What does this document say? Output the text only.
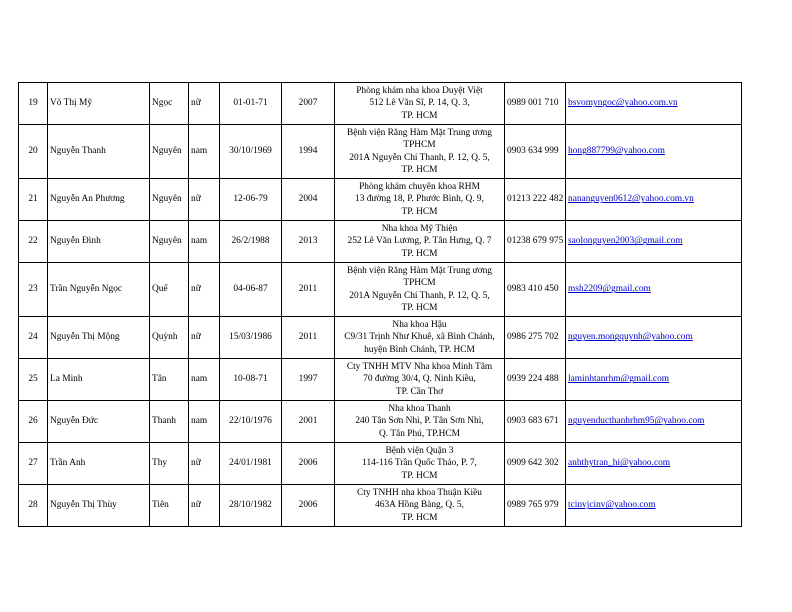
19	Võ Thị Mỹ	Ngọc	nữ	01-01-71	2007	Phòng khám nha khoa Duyệt Việt
512 Lê Văn Sĩ, P. 14, Q. 3,
TP. HCM	0989 001 710	bsvomyngoc@yahoo.com.vn
20	Nguyễn Thanh	Nguyên	nam	30/10/1969	1994	Bệnh viện Răng Hàm Mặt Trung ương
TPHCM
201A Nguyễn Chí Thanh, P. 12, Q. 5,
TP. HCM	0903 634 999	hong887799@yahoo.com
21	Nguyễn An Phương	Nguyên	nữ	12-06-79	2004	Phòng khám chuyên khoa RHM
13 đường 18, P. Phước Bình, Q. 9,
TP. HCM	01213 222 482	nananguyen0612@yahoo.com.vn
22	Nguyễn Đình	Nguyên	nam	26/2/1988	2013	Nha khoa Mỹ Thiện
252 Lê Văn Lương, P. Tân Hưng, Q. 7
TP. HCM	01238 679 975	saolonguyen2003@gmail.com
23	Trần Nguyễn Ngọc	Quế	nữ	04-06-87	2011	Bệnh viện Răng Hàm Mặt Trung ương
TPHCM
201A Nguyễn Chí Thanh, P. 12, Q. 5,
TP. HCM	0983 410 450	msh2209@gmail.com
24	Nguyễn Thị Mộng	Quỳnh	nữ	15/03/1986	2011	Nha khoa Hậu
C9/31 Trịnh Như Khuê, xã Bình Chánh,
huyện Bình Chánh, TP. HCM	0986 275 702	nguyen.mongquynh@yahoo.com
25	La Minh	Tân	nam	10-08-71	1997	Cty TNHH MTV Nha khoa Minh Tâm
70 đường 30/4, Q. Ninh Kiều,
TP. Cần Thơ	0939 224 488	laminhtanrhm@gmail.com
26	Nguyễn Đức	Thanh	nam	22/10/1976	2001	Nha khoa Thanh
240 Tân Sơn Nhì, P. Tân Sơn Nhì,
Q. Tân Phú, TP.HCM	0903 683 671	nguyenducthanhrhm95@yahoo.com
27	Trần Anh	Thy	nữ	24/01/1981	2006	Bệnh viện Quận 3
114-116 Trần Quốc Thảo, P. 7,
TP. HCM	0909 642 302	anhthytran_hi@yahoo.com
28	Nguyễn Thị Thùy	Tiên	nữ	28/10/1982	2006	Cty TNHH nha khoa Thuận Kiều
463A Hồng Bàng, Q. 5,
TP. HCM	0989 765 979	tcinvjcinv@yahoo.com
